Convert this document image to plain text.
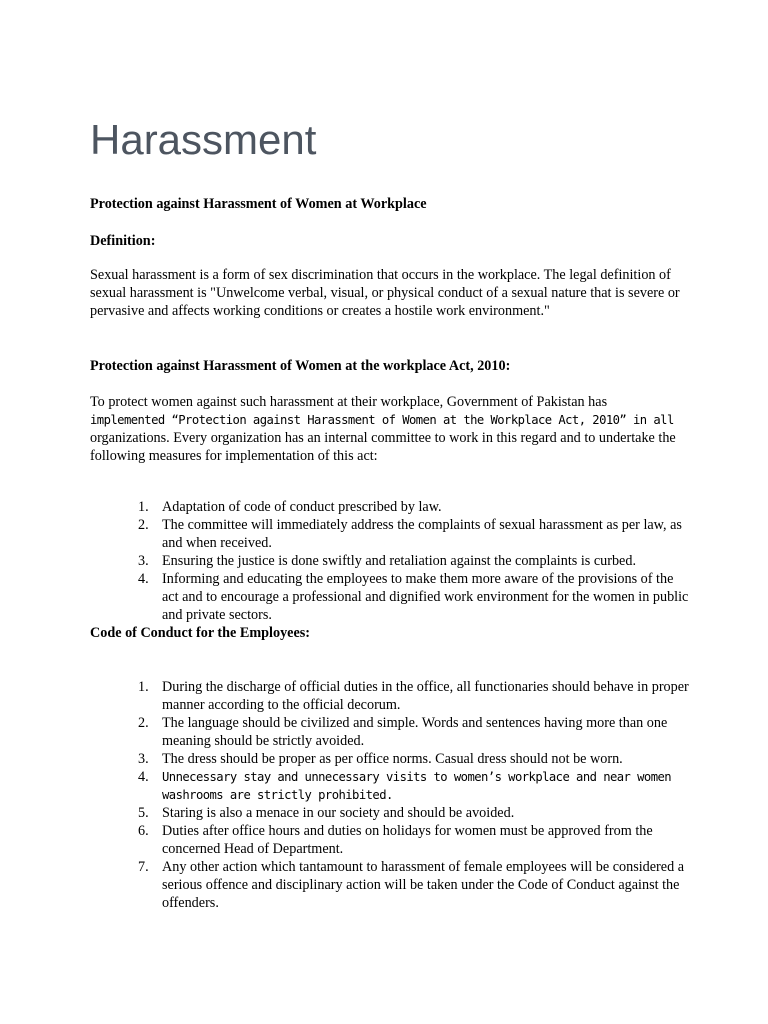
Harassment

Protection against Harassment of Women at Workplace

Definition:

Sexual harassment is a form of sex discrimination that occurs in the workplace. The legal definition of sexual harassment is "Unwelcome verbal, visual, or physical conduct of a sexual nature that is severe or pervasive and affects working conditions or creates a hostile work environment."

Protection against Harassment of Women at the workplace Act, 2010:

To protect women against such harassment at their workplace, Government of Pakistan has
implemented “Protection against Harassment of Women at the Workplace Act, 2010” in all
organizations. Every organization has an internal committee to work in this regard and to undertake the following measures for implementation of this act:
1. Adaptation of code of conduct prescribed by law.
2. The committee will immediately address the complaints of sexual harassment as per law, as and when received.
3. Ensuring the justice is done swiftly and retaliation against the complaints is curbed.
4. Informing and educating the employees to make them more aware of the provisions of the act and to encourage a professional and dignified work environment for the women in public and private sectors.

Code of Conduct for the Employees:

1. During the discharge of official duties in the office, all functionaries should behave in proper manner according to the official decorum.
2. The language should be civilized and simple. Words and sentences having more than one meaning should be strictly avoided.
3. The dress should be proper as per office norms. Casual dress should not be worn.
4. Unnecessary stay and unnecessary visits to women’s workplace and near women washrooms are strictly prohibited.
5. Staring is also a menace in our society and should be avoided.
6. Duties after office hours and duties on holidays for women must be approved from the concerned Head of Department.
7. Any other action which tantamount to harassment of female employees will be considered a serious offence and disciplinary action will be taken under the Code of Conduct against the offenders.
